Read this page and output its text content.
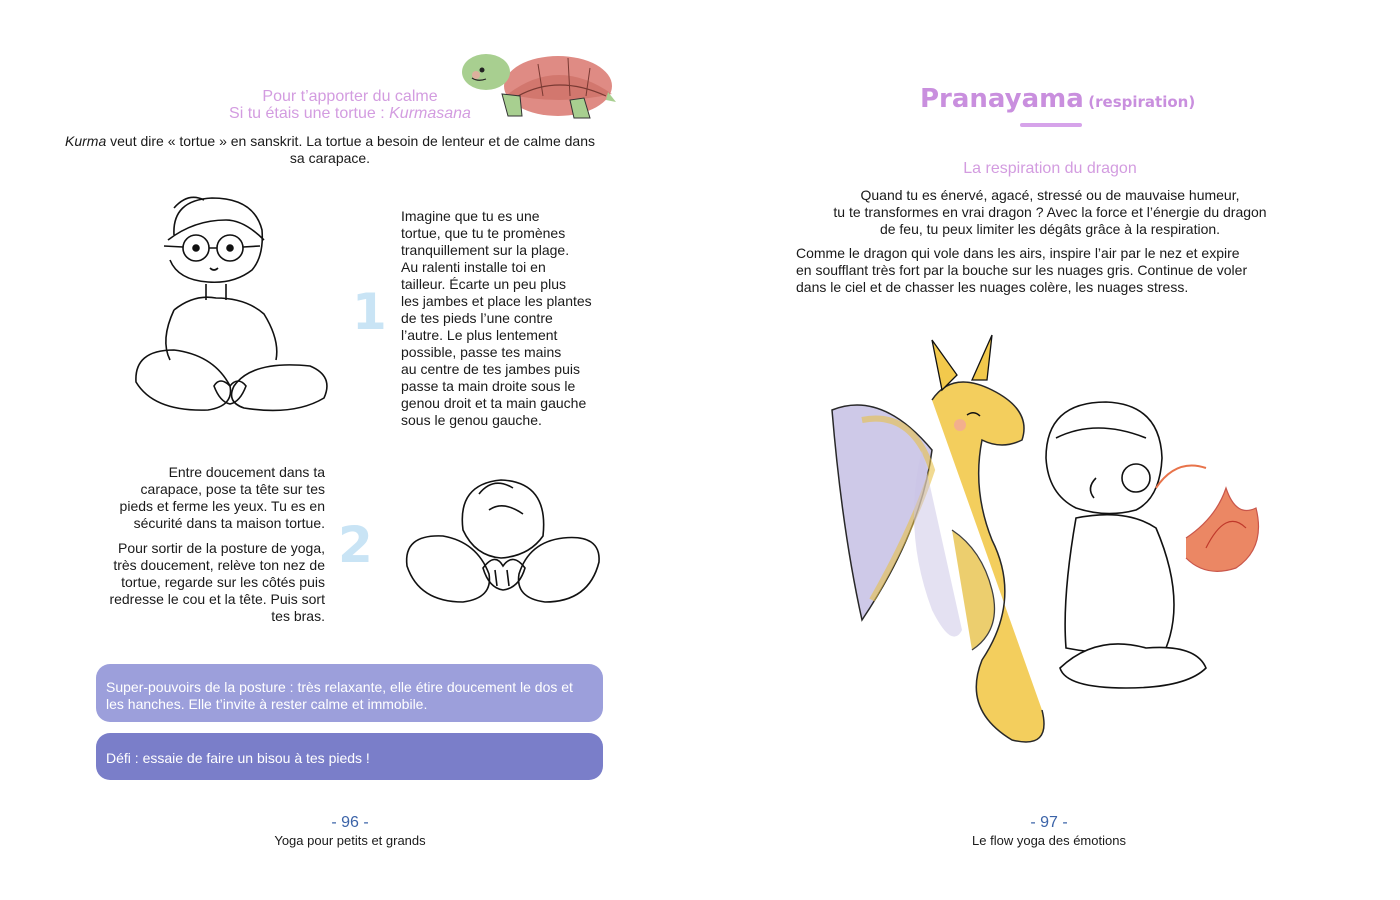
Pour t’apporter du calme
Si tu étais une tortue : Kurmasana

Kurma veut dire « tortue » en sanskrit. La tortue a besoin de lenteur et de calme dans sa carapace.

1
Imagine que tu es une
tortue, que tu te promènes
tranquillement sur la plage.
Au ralenti installe toi en
tailleur. Écarte un peu plus
les jambes et place les plantes
de tes pieds l’une contre
l’autre. Le plus lentement
possible, passe tes mains
au centre de tes jambes puis
passe ta main droite sous le
genou droit et ta main gauche
sous le genou gauche.
Entre doucement dans ta
carapace, pose ta tête sur tes
pieds et ferme les yeux. Tu es en
sécurité dans ta maison tortue.
Pour sortir de la posture de yoga,
très doucement, relève ton nez de
tortue, regarde sur les côtés puis
redresse le cou et la tête. Puis sort
tes bras.
2
Super-pouvoirs de la posture : très relaxante, elle étire doucement le dos et les hanches. Elle t’invite à rester calme et immobile.
Défi : essaie de faire un bisou à tes pieds !
- 96 -
Yoga pour petits et grands
Pranayama (respiration)
La respiration du dragon
Quand tu es énervé, agacé, stressé ou de mauvaise humeur,
tu te transformes en vrai dragon ? Avec la force et l’énergie du dragon
de feu, tu peux limiter les dégâts grâce à la respiration.
Comme le dragon qui vole dans les airs, inspire l’air par le nez et expire
en soufflant très fort par la bouche sur les nuages gris. Continue de voler
dans le ciel et de chasser les nuages colère, les nuages stress.
- 97 -
Le flow yoga des émotions
